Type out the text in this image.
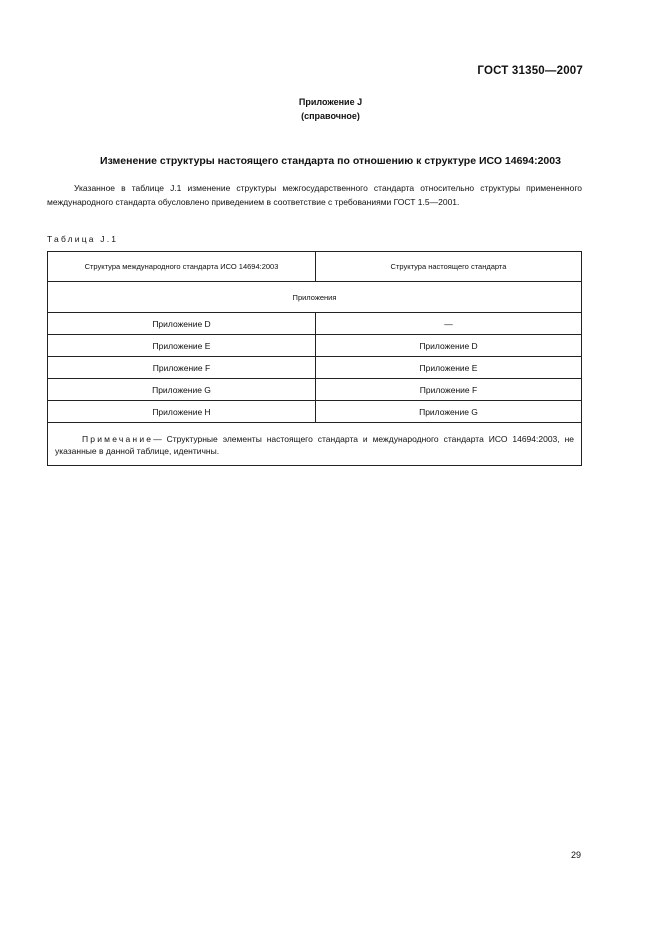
ГОСТ 31350—2007
Приложение J
(справочное)
Изменение структуры настоящего стандарта по отношению к структуре ИСО 14694:2003
Указанное в таблице J.1 изменение структуры межгосударственного стандарта относительно структуры примененного международного стандарта обусловлено приведением в соответствие с требованиями ГОСТ 1.5—2001.
Таблица J.1
Структура международного стандарта ИСО 14694:2003	Структура настоящего стандарта
Приложения	
Приложение D	—
Приложение E	Приложение D
Приложение F	Приложение E
Приложение G	Приложение F
Приложение H	Приложение G
Примечание— Структурные элементы настоящего стандарта и международного стандарта ИСО 14694:2003, не указанные в данной таблице, идентичны.	
29
